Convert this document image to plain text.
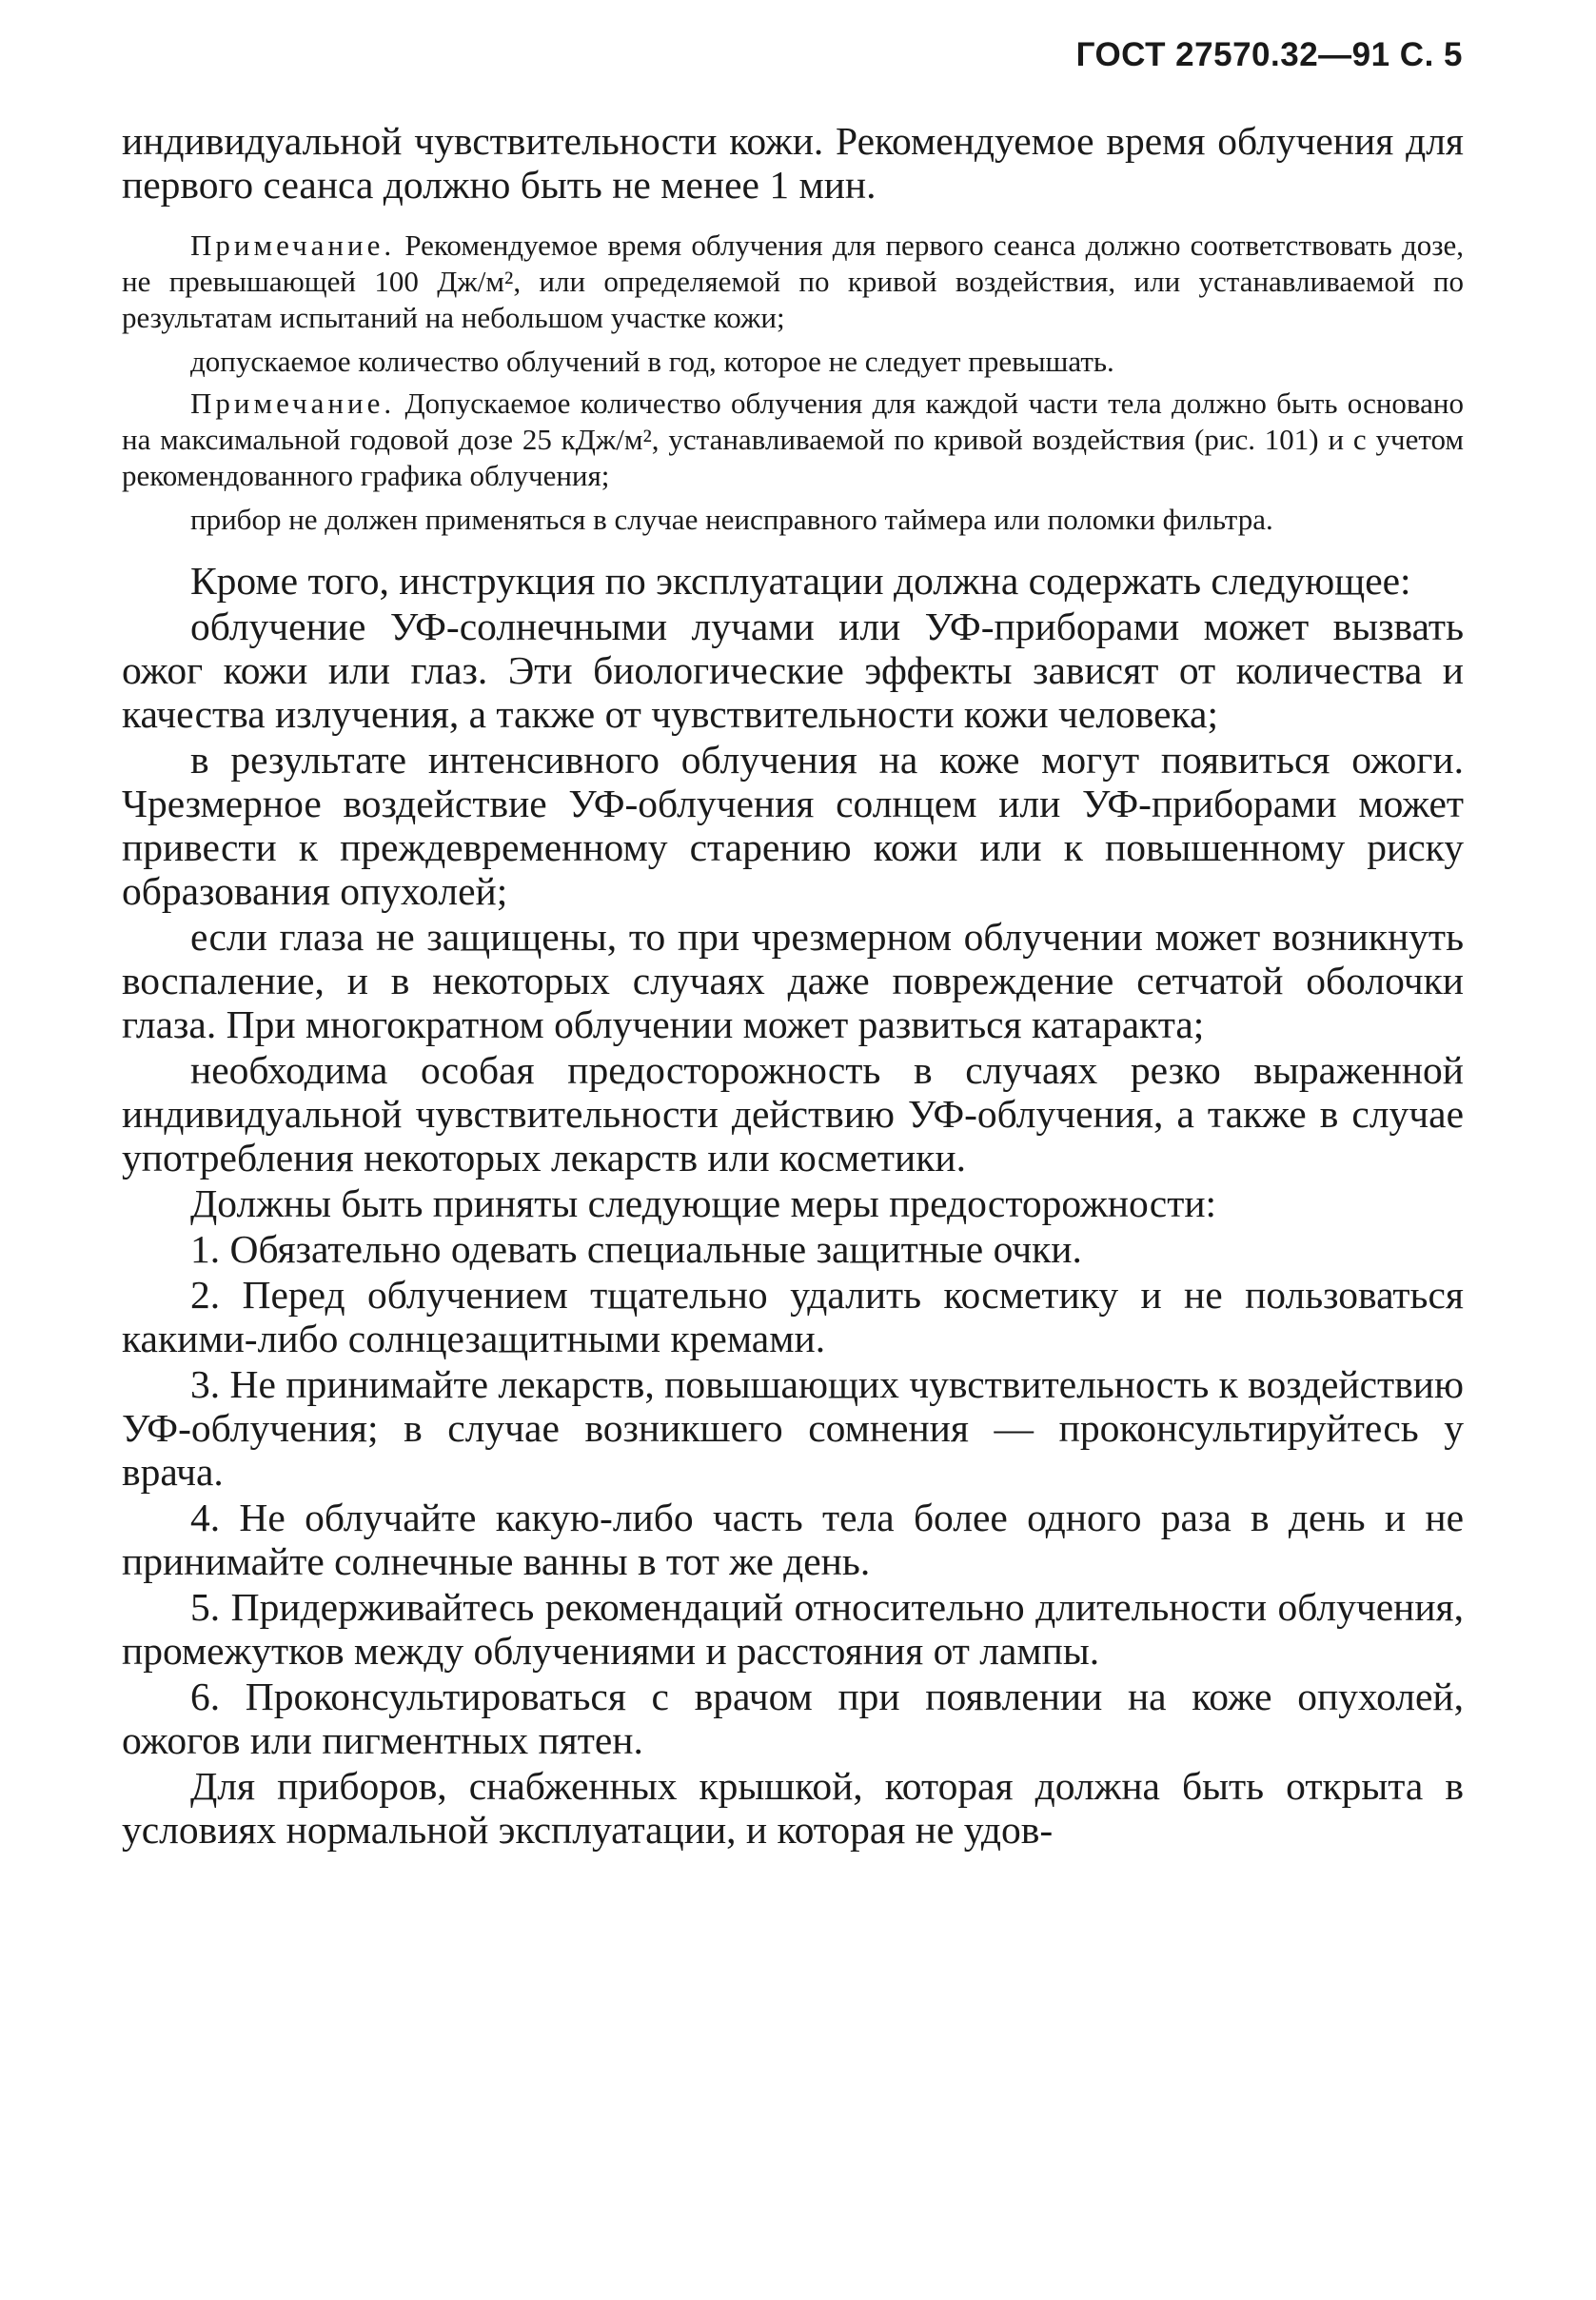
ГОСТ 27570.32—91 С. 5

индивидуальной чувствительности кожи. Рекомендуемое время облучения для первого сеанса должно быть не менее 1 мин.

Примечание. Рекомендуемое время облучения для первого сеанса должно соответствовать дозе, не превышающей 100 Дж/м², или определяемой по кривой воздействия, или устанавливаемой по результатам испытаний на небольшом участке кожи;

допускаемое количество облучений в год, которое не следует превышать.

Примечание. Допускаемое количество облучения для каждой части тела должно быть основано на максимальной годовой дозе 25 кДж/м², устанавливаемой по кривой воздействия (рис. 101) и с учетом рекомендованного графика облучения;

прибор не должен применяться в случае неисправного таймера или поломки фильтра.

Кроме того, инструкция по эксплуатации должна содержать следующее:

облучение УФ-солнечными лучами или УФ-приборами может вызвать ожог кожи или глаз. Эти биологические эффекты зависят от количества и качества излучения, а также от чувствительности кожи человека;

в результате интенсивного облучения на коже могут появиться ожоги. Чрезмерное воздействие УФ-облучения солнцем или УФ-приборами может привести к преждевременному старению кожи или к повышенному риску образования опухолей;

если глаза не защищены, то при чрезмерном облучении может возникнуть воспаление, и в некоторых случаях даже повреждение сетчатой оболочки глаза. При многократном облучении может развиться катаракта;

необходима особая предосторожность в случаях резко выраженной индивидуальной чувствительности действию УФ-облучения, а также в случае употребления некоторых лекарств или косметики.

Должны быть приняты следующие меры предосторожности:

1. Обязательно одевать специальные защитные очки.

2. Перед облучением тщательно удалить косметику и не пользоваться какими-либо солнцезащитными кремами.

3. Не принимайте лекарств, повышающих чувствительность к воздействию УФ-облучения; в случае возникшего сомнения — проконсультируйтесь у врача.

4. Не облучайте какую-либо часть тела более одного раза в день и не принимайте солнечные ванны в тот же день.

5. Придерживайтесь рекомендаций относительно длительности облучения, промежутков между облучениями и расстояния от лампы.

6. Проконсультироваться с врачом при появлении на коже опухолей, ожогов или пигментных пятен.

Для приборов, снабженных крышкой, которая должна быть открыта в условиях нормальной эксплуатации, и которая не удов-
